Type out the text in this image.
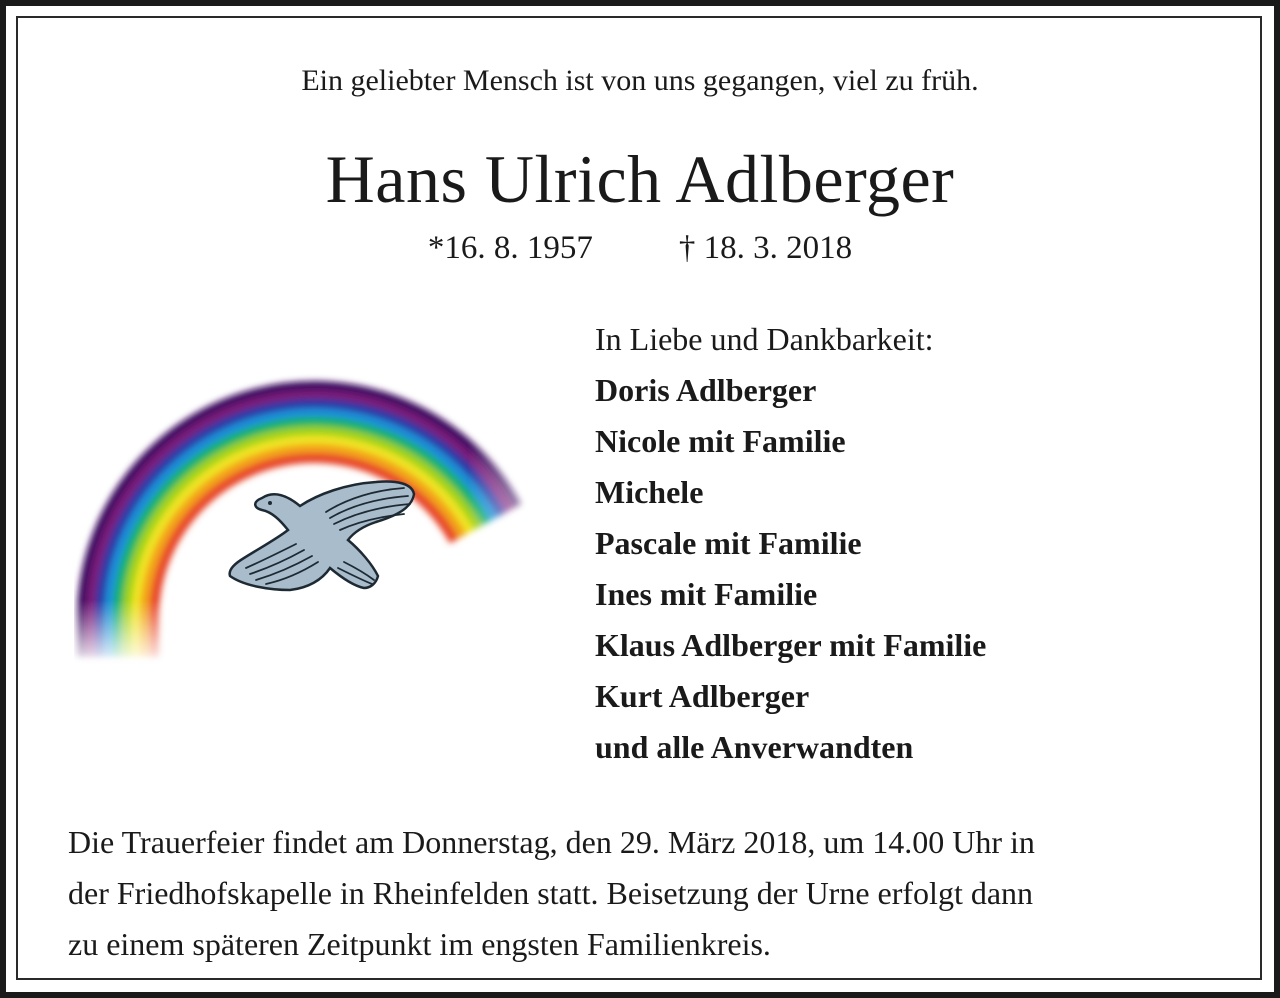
Ein geliebter Mensch ist von uns gegangen, viel zu früh.
Hans Ulrich Adlberger
*16. 8. 1957	† 18. 3. 2018
In Liebe und Dankbarkeit:
Doris Adlberger
Nicole mit Familie
Michele
Pascale mit Familie
Ines mit Familie
Klaus Adlberger mit Familie
Kurt Adlberger
und alle Anverwandten
Die Trauerfeier findet am Donnerstag, den 29. März 2018, um 14.00 Uhr in
der Friedhofskapelle in Rheinfelden statt. Beisetzung der Urne erfolgt dann
zu einem späteren Zeitpunkt im engsten Familienkreis.
